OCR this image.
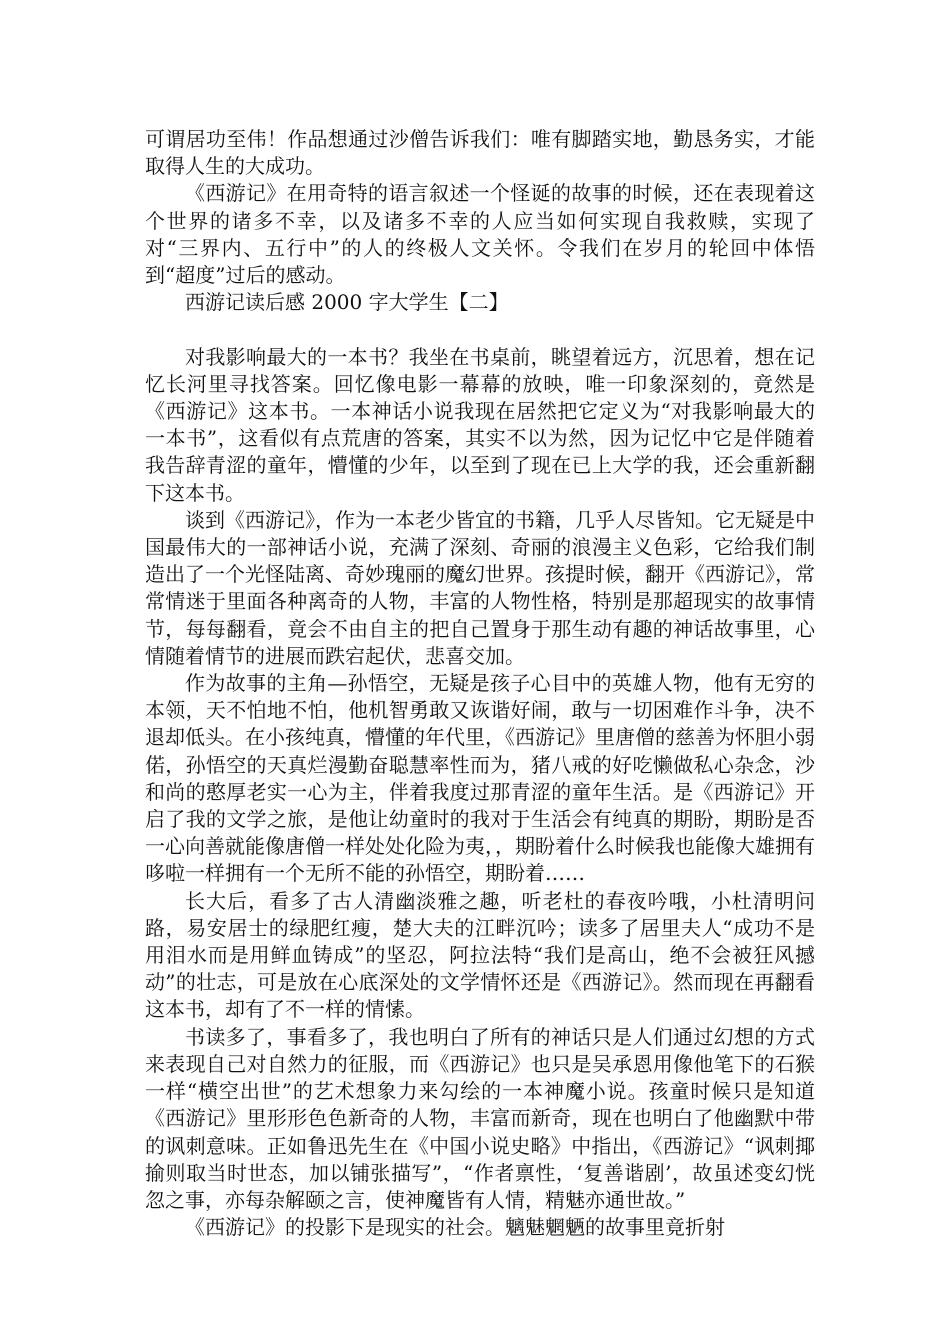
可谓居功至伟！作品想通过沙僧告诉我们：唯有脚踏实地，勤恳务实，才能取得人生的大成功。

《西游记》在用奇特的语言叙述一个怪诞的故事的时候，还在表现着这个世界的诸多不幸，以及诸多不幸的人应当如何实现自我救赎，实现了对“三界内、五行中”的人的终极人文关怀。令我们在岁月的轮回中体悟到“超度”过后的感动。

西游记读后感 2000 字大学生【二】

对我影响最大的一本书？我坐在书桌前，眺望着远方，沉思着，想在记忆长河里寻找答案。回忆像电影一幕幕的放映，唯一印象深刻的，竟然是《西游记》这本书。一本神话小说我现在居然把它定义为“对我影响最大的一本书”，这看似有点荒唐的答案，其实不以为然，因为记忆中它是伴随着我告辞青涩的童年，懵懂的少年，以至到了现在已上大学的我，还会重新翻下这本书。

谈到《西游记》，作为一本老少皆宜的书籍，几乎人尽皆知。它无疑是中国最伟大的一部神话小说，充满了深刻、奇丽的浪漫主义色彩，它给我们制造出了一个光怪陆离、奇妙瑰丽的魔幻世界。孩提时候，翻开《西游记》，常常情迷于里面各种离奇的人物，丰富的人物性格，特别是那超现实的故事情节，每每翻看，竟会不由自主的把自己置身于那生动有趣的神话故事里，心情随着情节的进展而跌宕起伏，悲喜交加。

作为故事的主角—孙悟空，无疑是孩子心目中的英雄人物，他有无穷的本领，天不怕地不怕，他机智勇敢又诙谐好闹，敢与一切困难作斗争，决不退却低头。在小孩纯真，懵懂的年代里，《西游记》里唐僧的慈善为怀胆小弱偌，孙悟空的天真烂漫勤奋聪慧率性而为，猪八戒的好吃懒做私心杂念，沙和尚的憨厚老实一心为主，伴着我度过那青涩的童年生活。是《西游记》开启了我的文学之旅，是他让幼童时的我对于生活会有纯真的期盼，期盼是否一心向善就能像唐僧一样处处化险为夷，，期盼着什么时候我也能像大雄拥有哆啦一样拥有一个无所不能的孙悟空，期盼着……

长大后，看多了古人清幽淡雅之趣，听老杜的春夜吟哦，小杜清明问路，易安居士的绿肥红瘦，楚大夫的江畔沉吟；读多了居里夫人“成功不是用泪水而是用鲜血铸成”的坚忍，阿拉法特“我们是高山，绝不会被狂风撼动”的壮志，可是放在心底深处的文学情怀还是《西游记》。然而现在再翻看这本书，却有了不一样的情愫。

书读多了，事看多了，我也明白了所有的神话只是人们通过幻想的方式来表现自己对自然力的征服，而《西游记》也只是吴承恩用像他笔下的石猴一样“横空出世”的艺术想象力来勾绘的一本神魔小说。孩童时候只是知道《西游记》里形形色色新奇的人物，丰富而新奇，现在也明白了他幽默中带的讽刺意味。正如鲁迅先生在《中国小说史略》中指出，《西游记》“讽刺揶揄则取当时世态，加以铺张描写”，“作者禀性，‘复善谐剧’，故虽述变幻恍忽之事，亦每杂解颐之言，使神魔皆有人情，精魅亦通世故。”

《西游记》的投影下是现实的社会。魑魅魍魉的故事里竟折射
